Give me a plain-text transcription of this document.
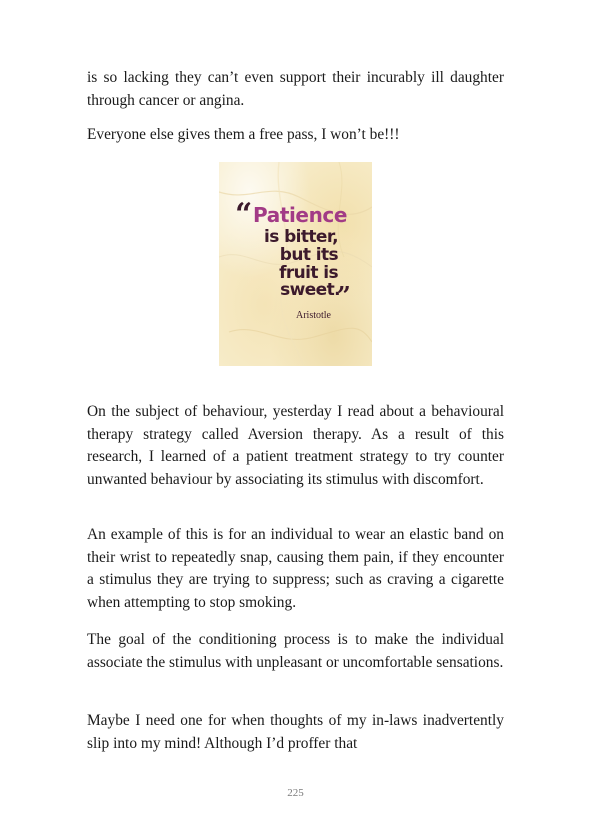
is so lacking they can’t even support their incurably ill daughter through cancer or angina.

Everyone else gives them a free pass, I won’t be!!!

“ Patience
is bitter,
but its
fruit is
sweet.
”
Aristotle

On the subject of behaviour, yesterday I read about a behavioural therapy strategy called Aversion therapy. As a result of this research, I learned of a patient treatment strategy to try counter unwanted behaviour by associating its stimulus with discomfort.

An example of this is for an individual to wear an elastic band on their wrist to repeatedly snap, causing them pain, if they encounter a stimulus they are trying to suppress; such as craving a cigarette when attempting to stop smoking.

The goal of the conditioning process is to make the individual associate the stimulus with unpleasant or uncomfortable sensations.

Maybe I need one for when thoughts of my in-laws inadvertently slip into my mind! Although I’d proffer that

225
